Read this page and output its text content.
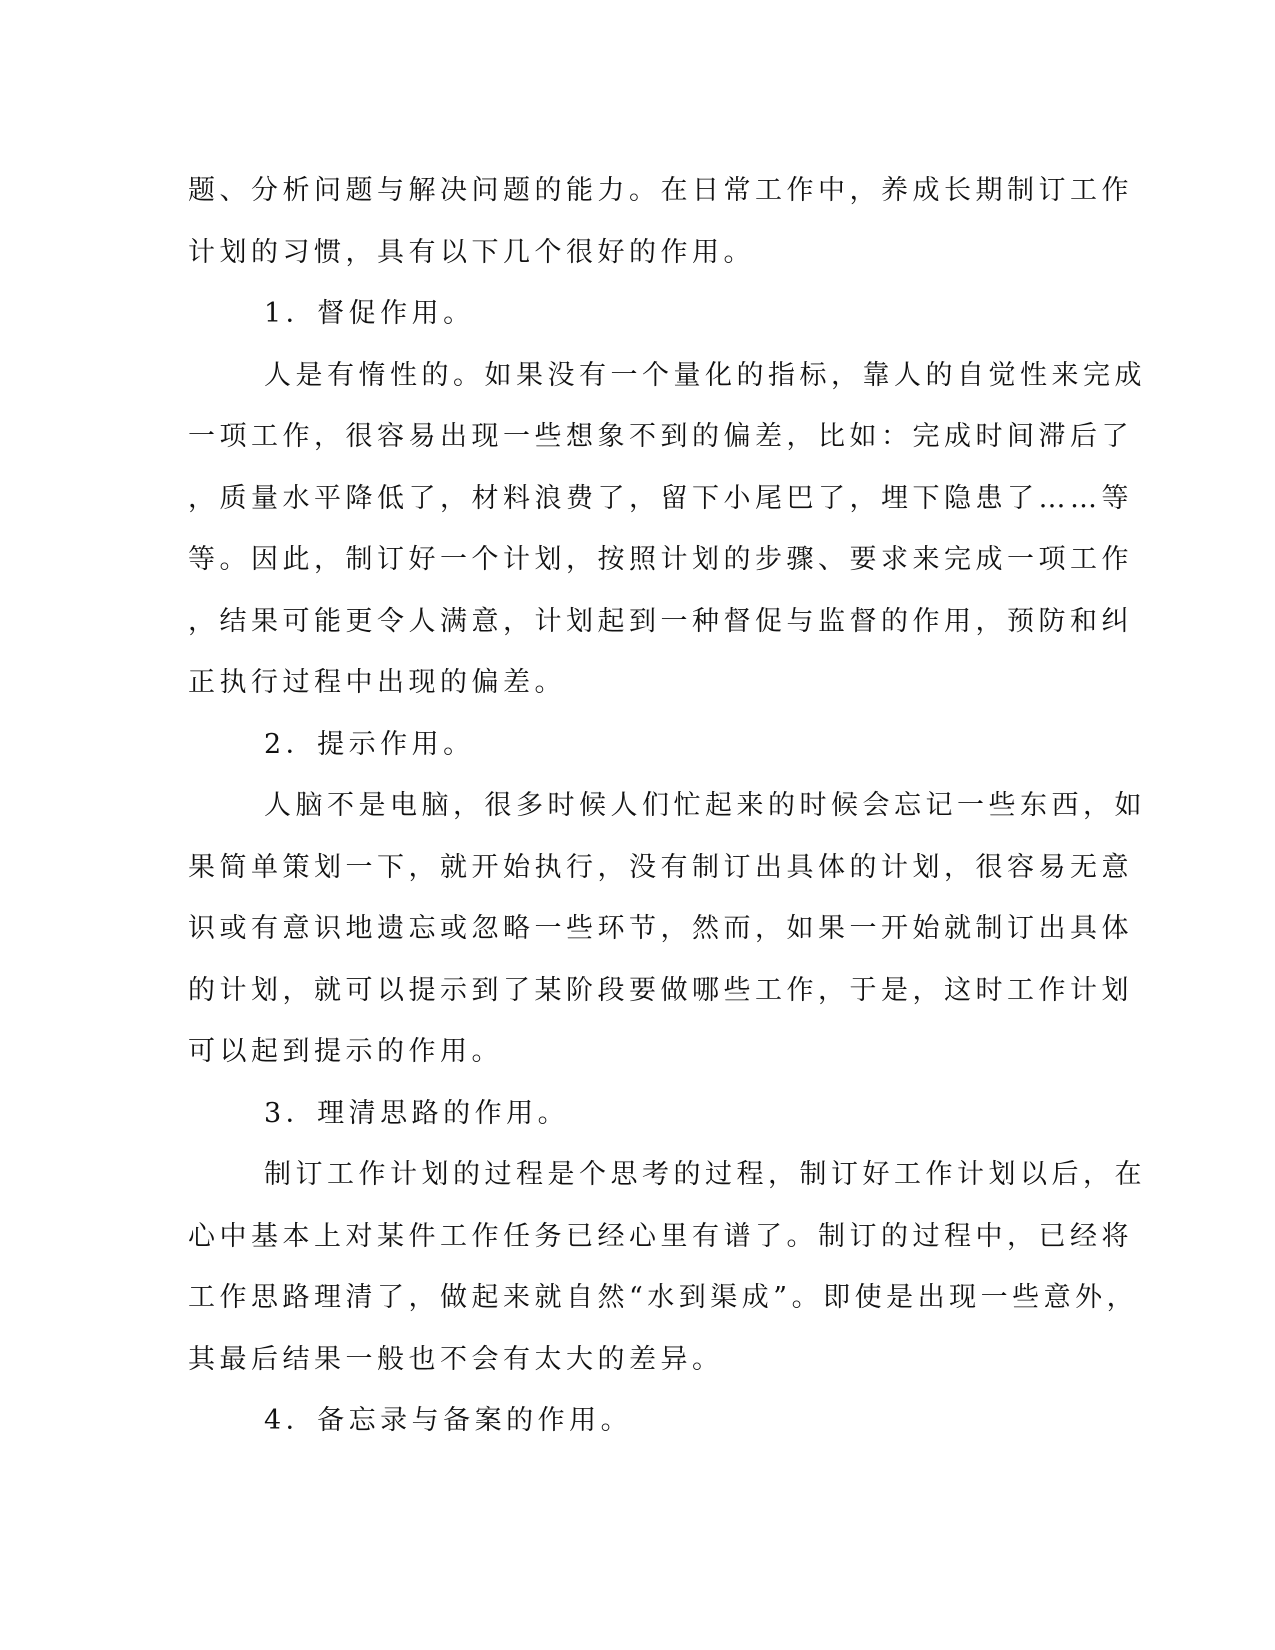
题、分析问题与解决问题的能力。在日常工作中，养成长期制订工作
计划的习惯，具有以下几个很好的作用。
1．督促作用。
人是有惰性的。如果没有一个量化的指标，靠人的自觉性来完成
一项工作，很容易出现一些想象不到的偏差，比如：完成时间滞后了
，质量水平降低了，材料浪费了，留下小尾巴了，埋下隐患了……等
等。因此，制订好一个计划，按照计划的步骤、要求来完成一项工作
，结果可能更令人满意，计划起到一种督促与监督的作用，预防和纠
正执行过程中出现的偏差。
2．提示作用。
人脑不是电脑，很多时候人们忙起来的时候会忘记一些东西，如
果简单策划一下，就开始执行，没有制订出具体的计划，很容易无意
识或有意识地遗忘或忽略一些环节，然而，如果一开始就制订出具体
的计划，就可以提示到了某阶段要做哪些工作，于是，这时工作计划
可以起到提示的作用。
3．理清思路的作用。
制订工作计划的过程是个思考的过程，制订好工作计划以后，在
心中基本上对某件工作任务已经心里有谱了。制订的过程中，已经将
工作思路理清了，做起来就自然“水到渠成”。即使是出现一些意外，
其最后结果一般也不会有太大的差异。
4．备忘录与备案的作用。
